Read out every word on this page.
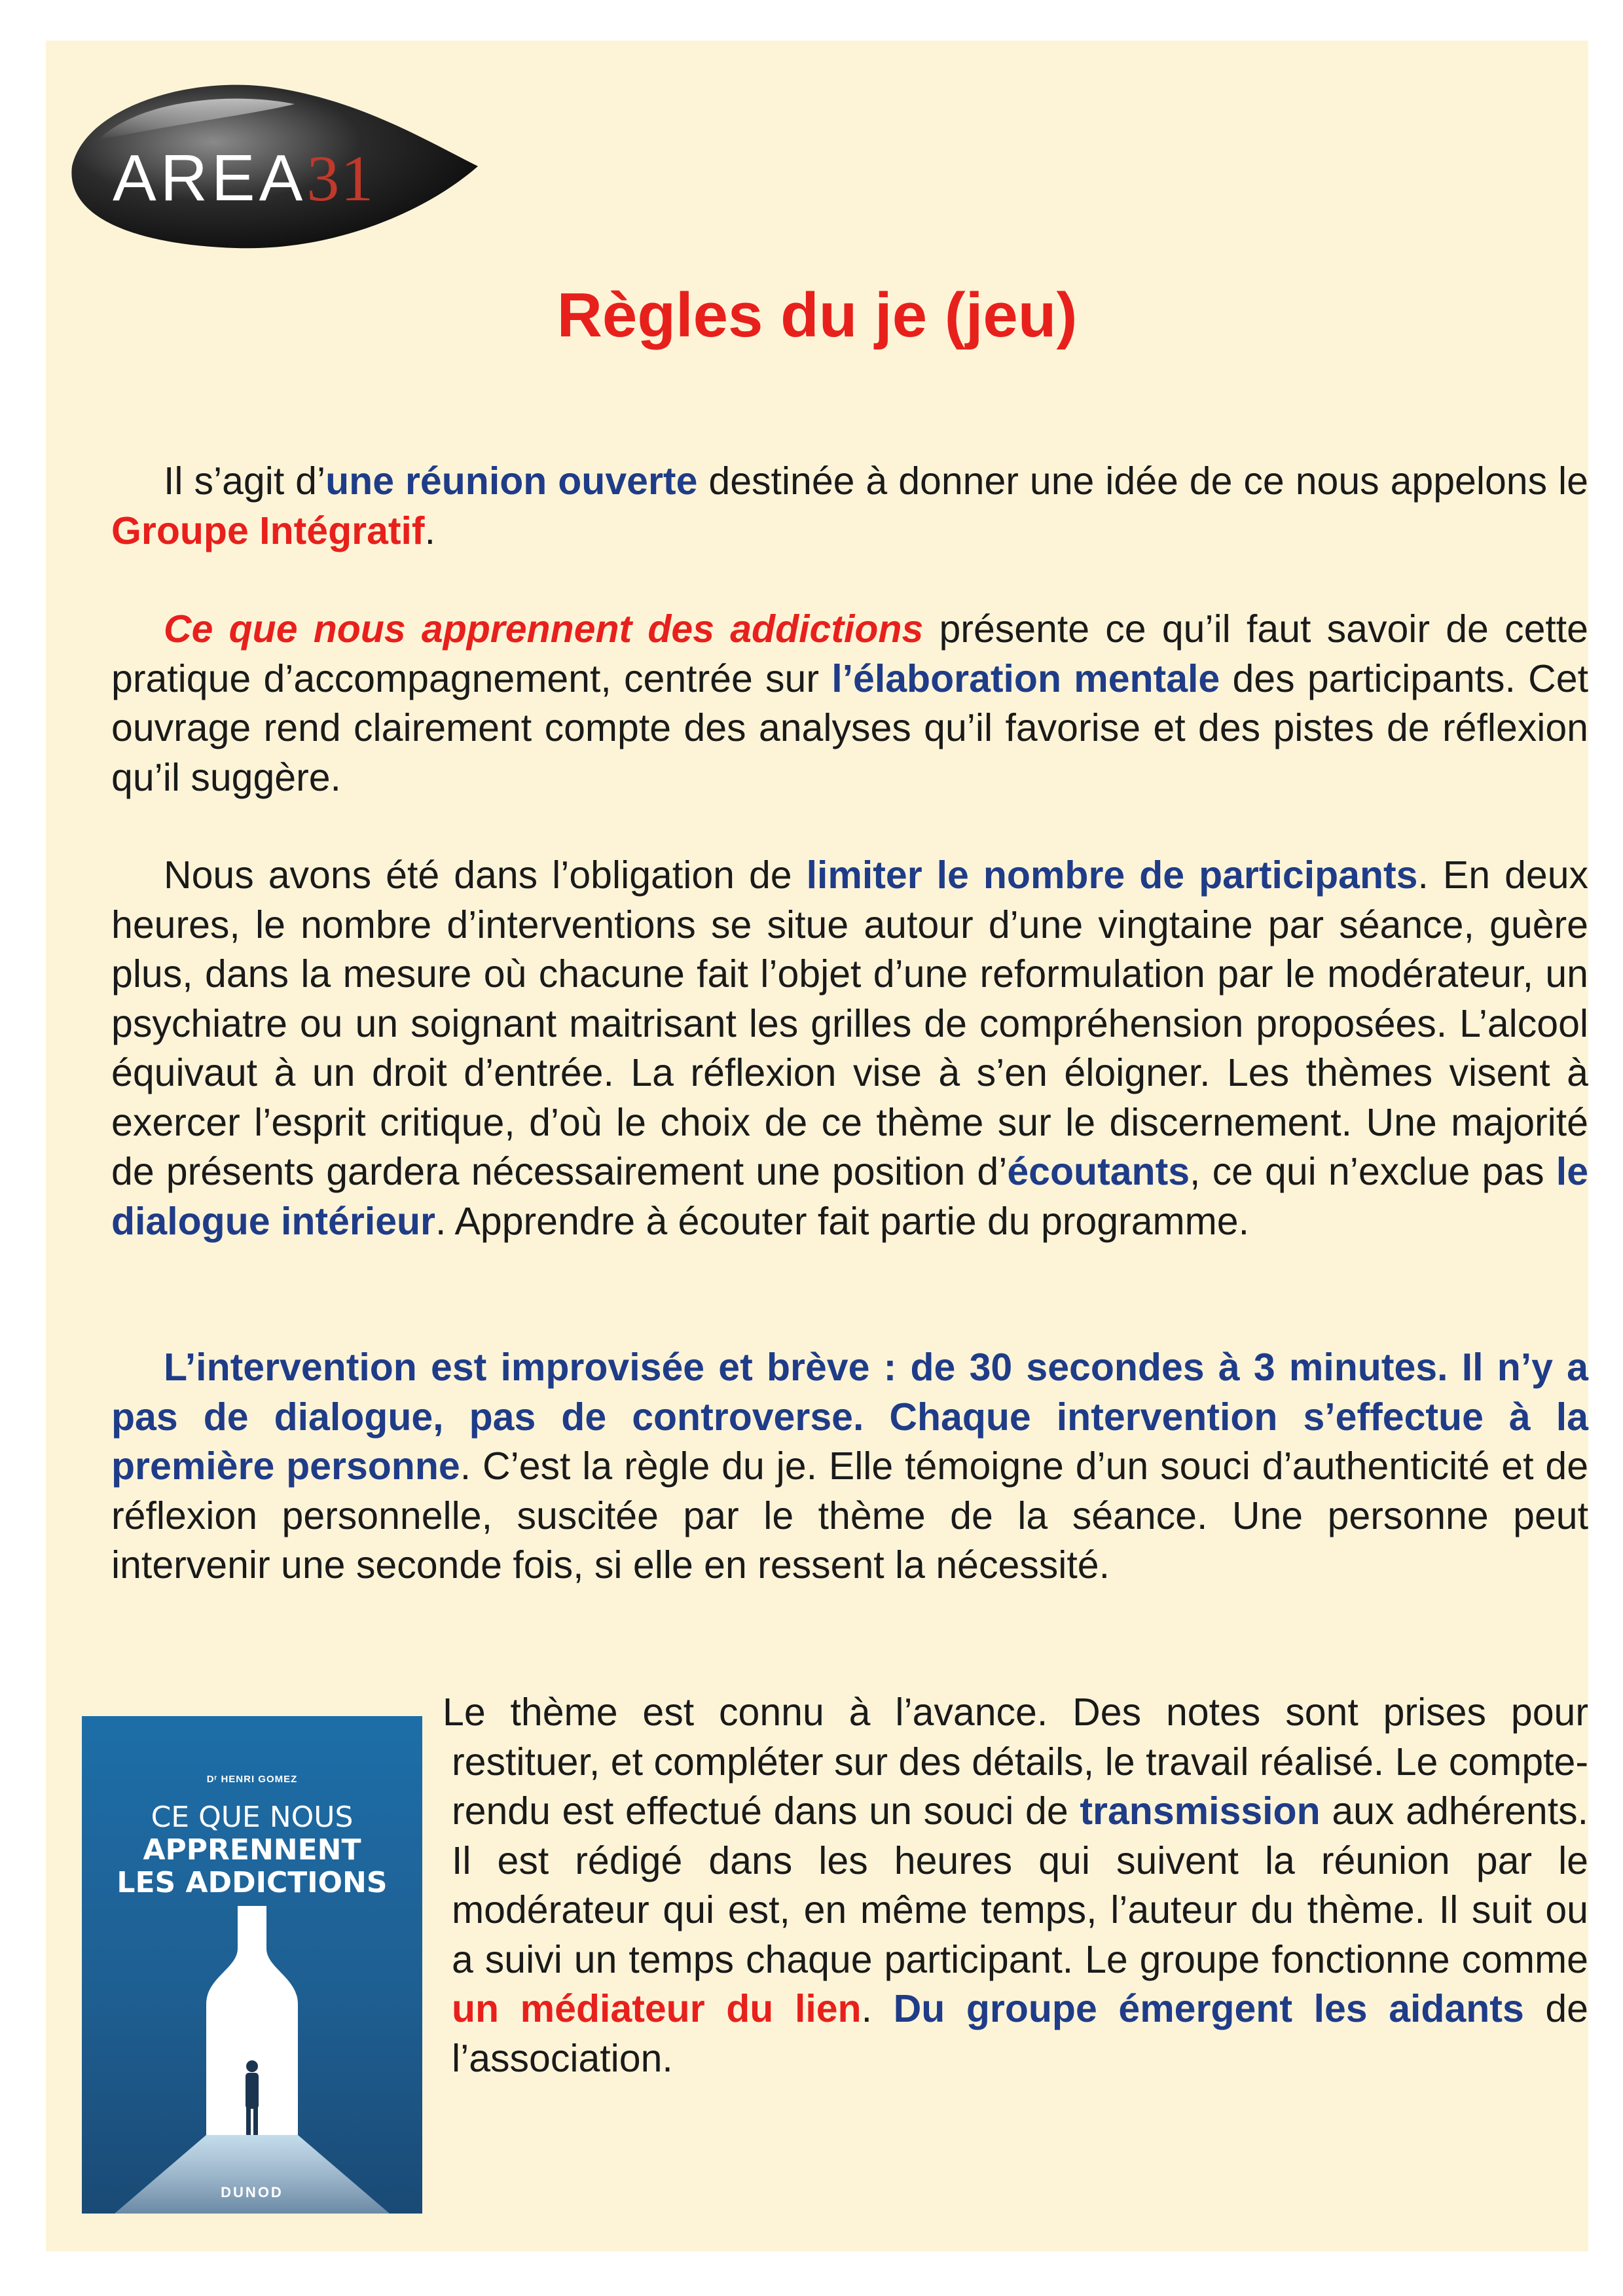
AREA31
Règles du je (jeu)

Il s’agit d’une réunion ouverte destinée à donner une idée de ce nous appelons le Groupe Intégratif.

Ce que nous apprennent des addictions présente ce qu’il faut savoir de cette pratique d’accompagnement, centrée sur l’élaboration mentale des participants. Cet ouvrage rend clairement compte des analyses qu’il favorise et des pistes de réflexion qu’il suggère.

Nous avons été dans l’obligation de limiter le nombre de participants. En deux heures, le nombre d’interventions se situe autour d’une vingtaine par séance, guère plus, dans la mesure où chacune fait l’objet d’une reformulation par le modérateur, un psychiatre ou un soignant maitrisant les grilles de compréhension proposées. L’alcool équivaut à un droit d’entrée. La réflexion vise à s’en éloigner. Les thèmes visent à exercer l’esprit critique, d’où le choix de ce thème sur le discernement. Une majorité de présents gardera nécessairement une position d’écoutants, ce qui n’exclue pas le dialogue intérieur. Apprendre à écouter fait partie du programme.

L’intervention est improvisée et brève : de 30 secondes à 3 minutes. Il n’y a pas de dialogue, pas de controverse. Chaque intervention s’effectue à la première personne. C’est la règle du je. Elle témoigne d’un souci d’authenticité et de réflexion personnelle, suscitée par le thème de la séance. Une personne peut intervenir une seconde fois, si elle en ressent la nécessité.

Dʳ HENRI GOMEZ
CE QUE NOUS
APPRENNENT
LES ADDICTIONS
DUNOD

Le thème est connu à l’avance. Des notes sont prises pour restituer, et compléter sur des détails, le travail réalisé. Le compte-rendu est effectué dans un souci de transmission aux adhérents. Il est rédigé dans les heures qui suivent la réunion par le modérateur qui est, en même temps, l’auteur du thème. Il suit ou a suivi un temps chaque participant. Le groupe fonctionne comme un médiateur du lien. Du groupe émergent les aidants de l’association.
